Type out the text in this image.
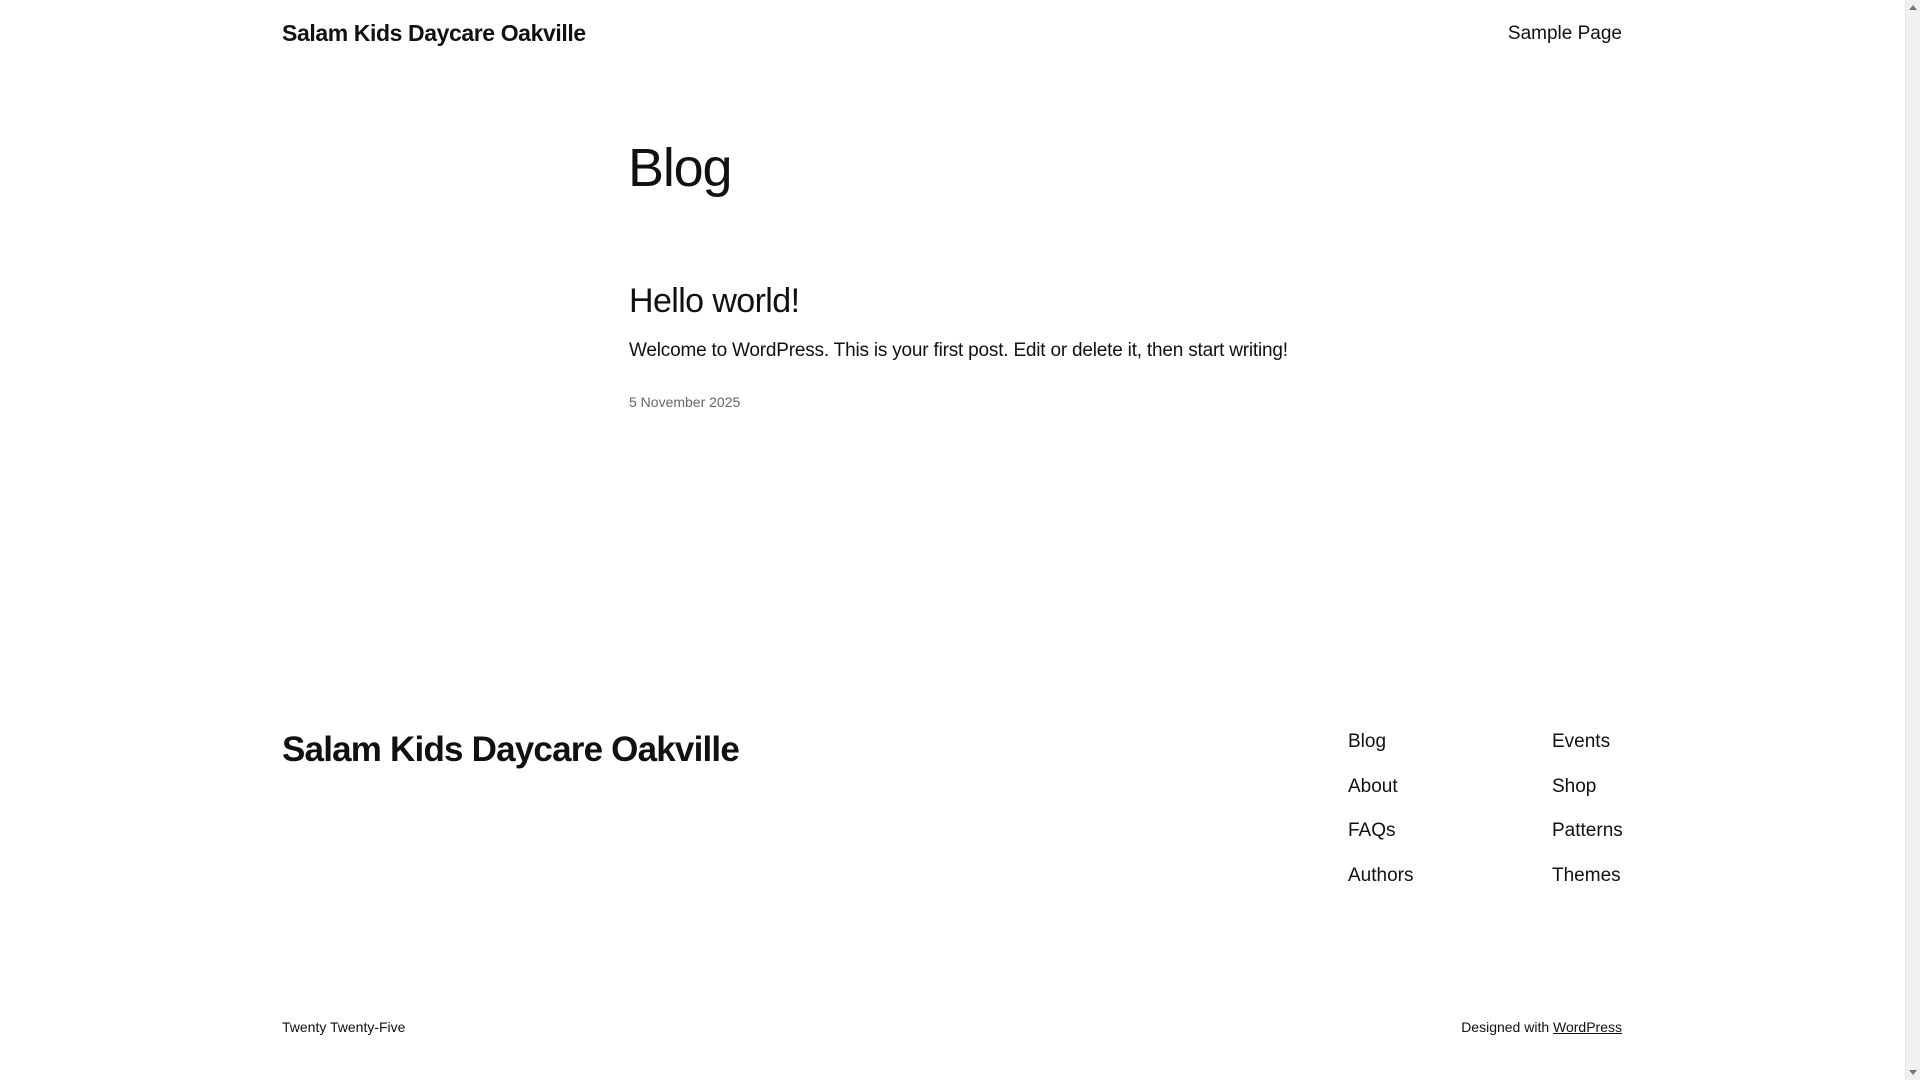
Salam Kids Daycare Oakville	Sample Page
Blog
Hello world!

Welcome to WordPress. This is your first post. Edit or delete it, then start writing!

5 November 2025
Salam Kids Daycare Oakville	Blog
About
FAQs
Authors
Events
Shop
Patterns
Themes
Twenty Twenty-Five	Designed with WordPress
